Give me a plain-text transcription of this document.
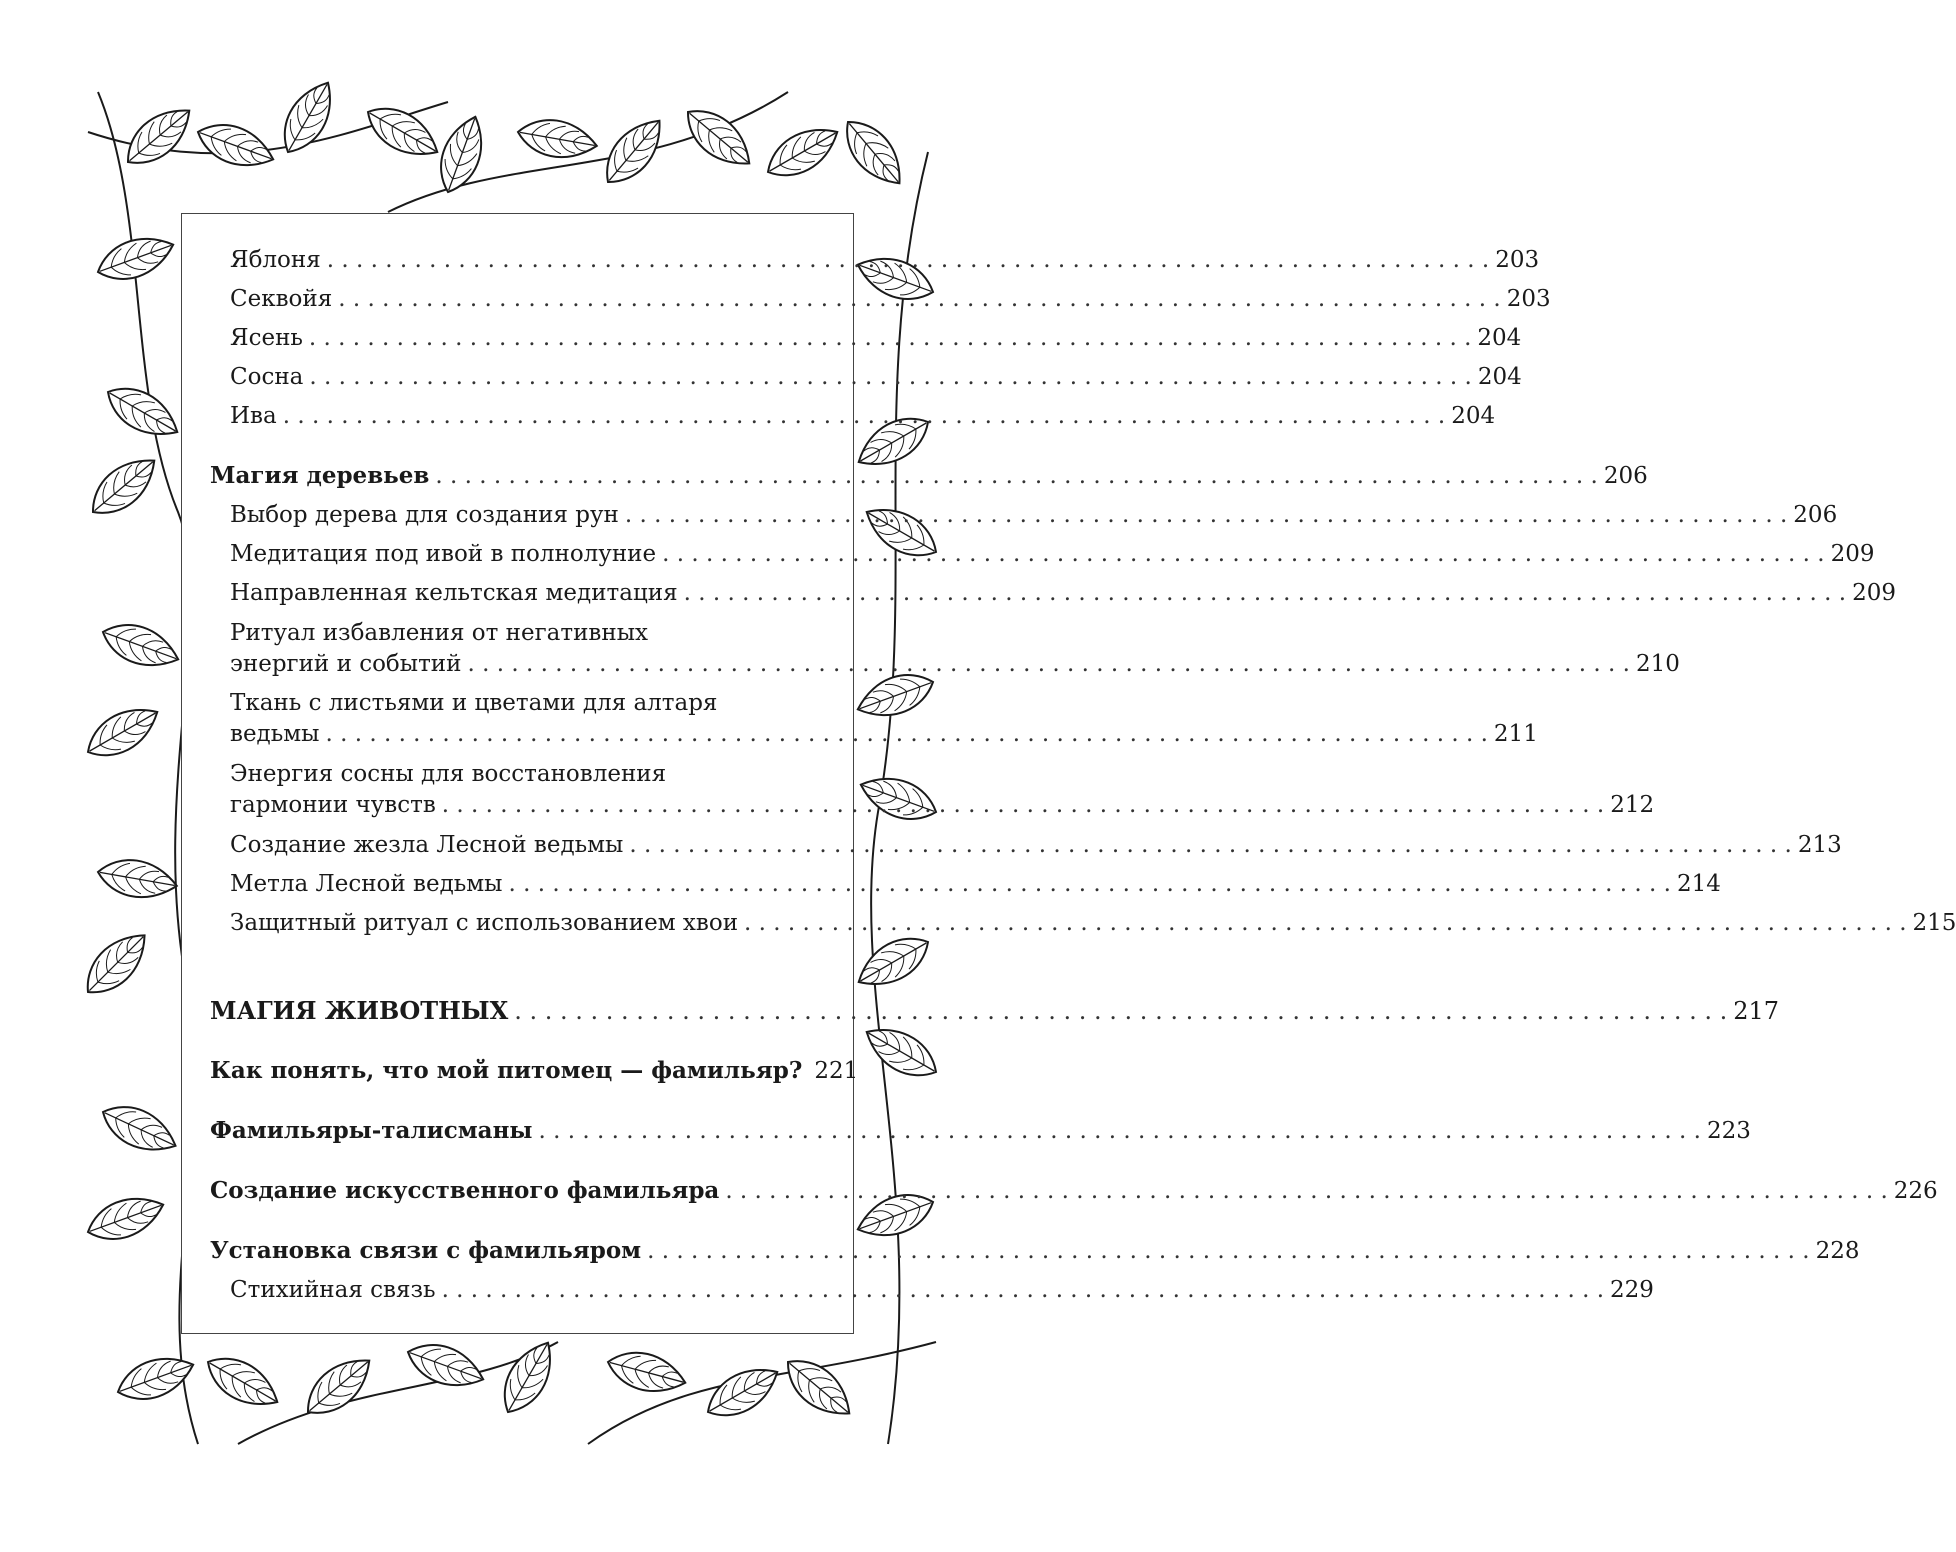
Яблоня . . .	203
Секвойя . . .	203
Ясень . . .	204
Сосна . . .	204
Ива . . .	204
Магия деревьев . . .	206
Выбор дерева для создания рун . . .	206
Медитация под ивой в полнолуние . . .	209
Направленная кельтская медитация . . .	209
Ритуал избавления от негативных
энергий и событий . . .	210
Ткань с листьями и цветами для алтаря
ведьмы . . .	211
Энергия сосны для восстановления
гармонии чувств . . .	212
Создание жезла Лесной ведьмы . . .	213
Метла Лесной ведьмы . . .	214
Защитный ритуал с использованием хвои . . .	215
МАГИЯ ЖИВОТНЫХ . . .	217
Как понять, что мой питомец — фамильяр? 221
Фамильяры-талисманы . . .	223
Создание искусственного фамильяра . . .	226
Установка связи с фамильяром . . .	228
Стихийная связь . . .	229
